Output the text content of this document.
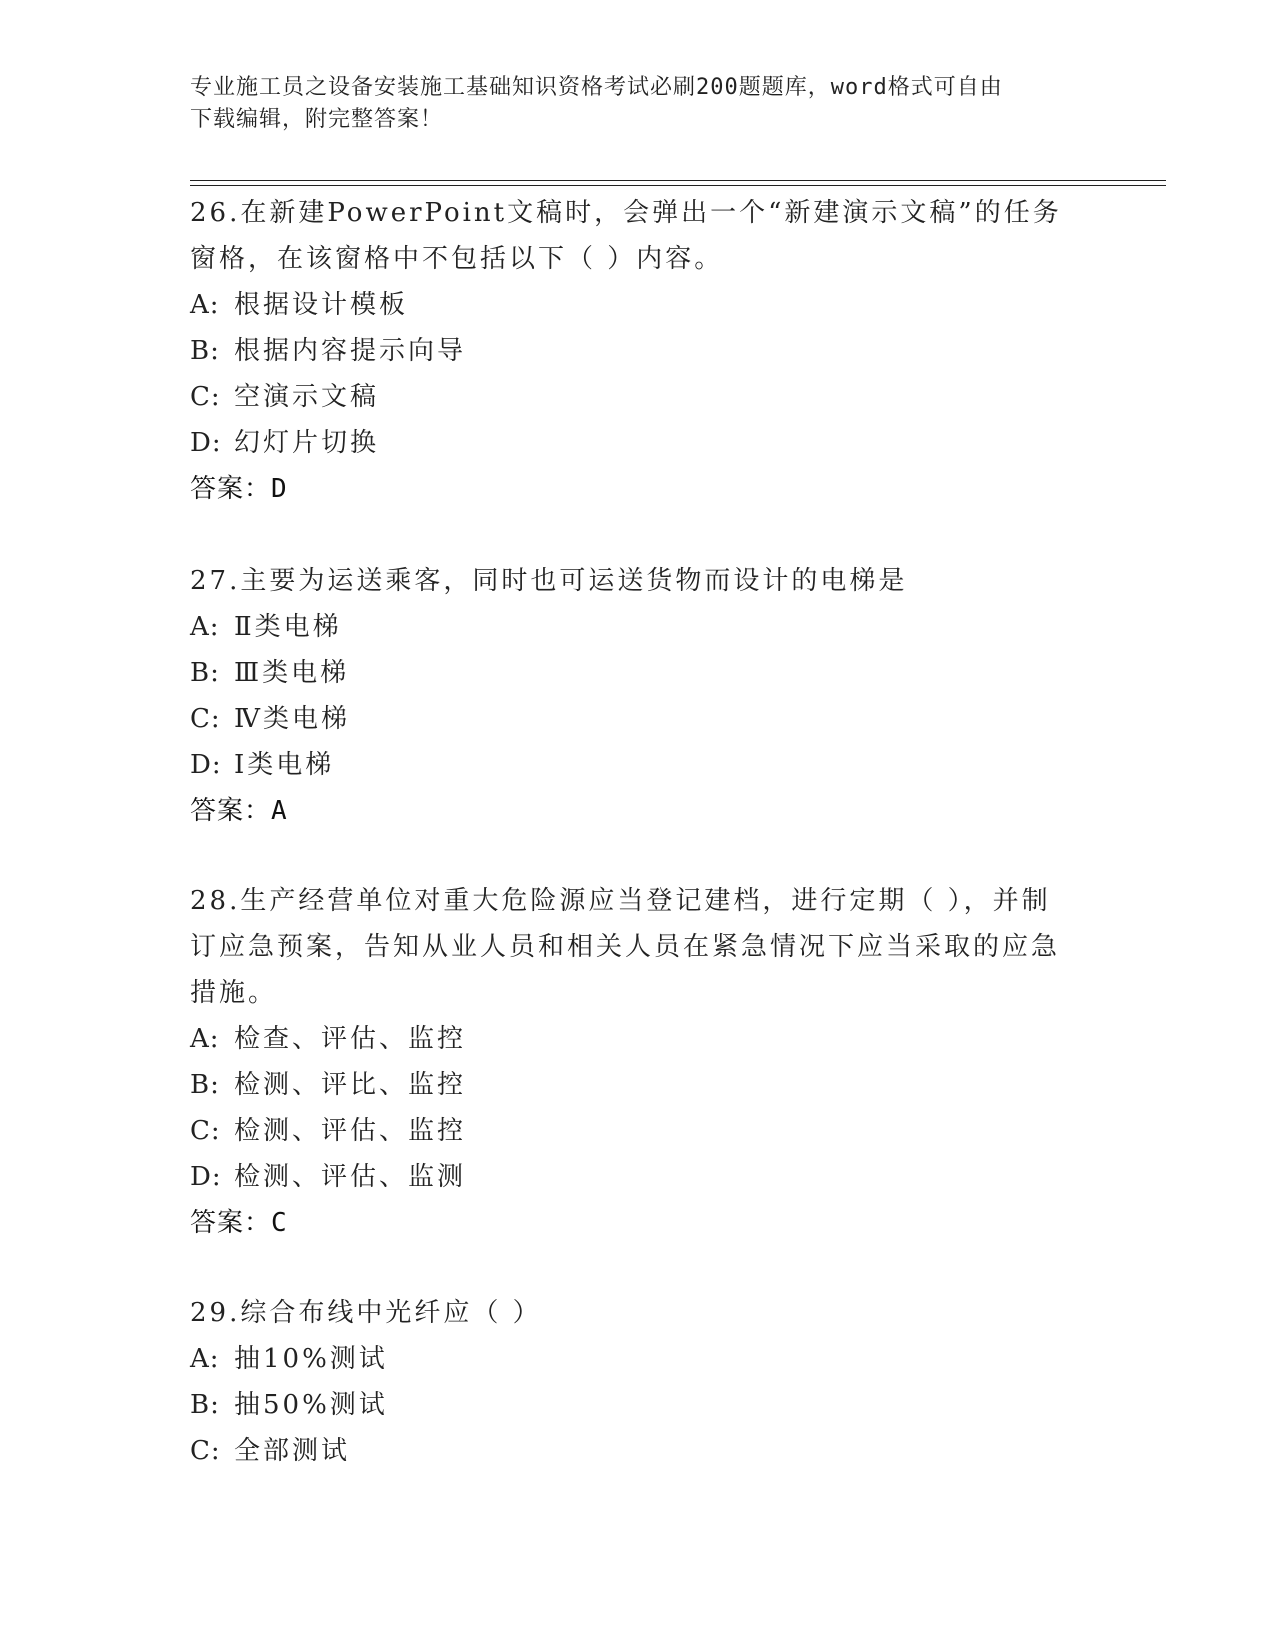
专业施工员之设备安装施工基础知识资格考试必刷200题题库，word格式可自由
下载编辑，附完整答案！
26.在新建PowerPoint文稿时，会弹出一个“新建演示文稿”的任务
窗格，在该窗格中不包括以下（ ）内容。
A: 根据设计模板
B: 根据内容提示向导
C: 空演示文稿
D: 幻灯片切换
答案：D
27.主要为运送乘客，同时也可运送货物而设计的电梯是
A: Ⅱ类电梯
B: Ⅲ类电梯
C: Ⅳ类电梯
D: Ⅰ类电梯
答案：A
28.生产经营单位对重大危险源应当登记建档，进行定期（ ），并制
订应急预案，告知从业人员和相关人员在紧急情况下应当采取的应急
措施。
A: 检查、评估、监控
B: 检测、评比、监控
C: 检测、评估、监控
D: 检测、评估、监测
答案：C
29.综合布线中光纤应（ ）
A: 抽10%测试
B: 抽50%测试
C: 全部测试
